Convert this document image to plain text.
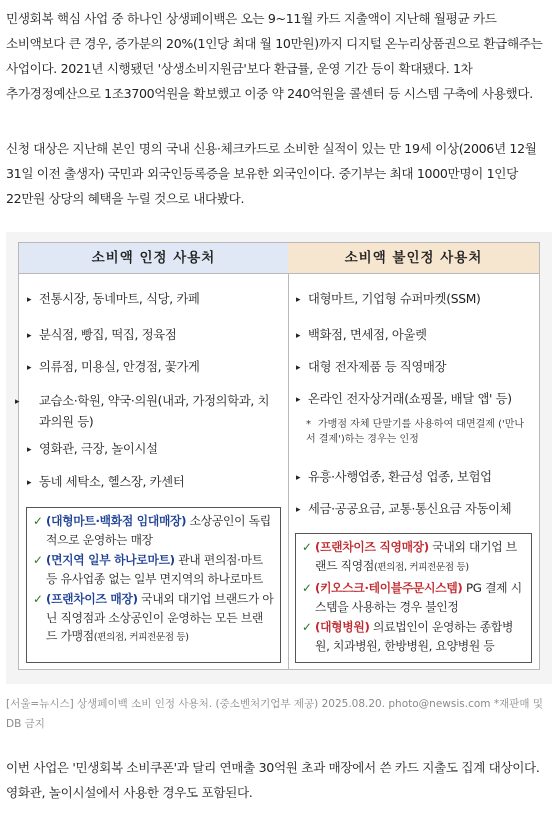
민생회복 핵심 사업 중 하나인 상생페이백은 오는 9~11월 카드 지출액이 지난해 월평균 카드 소비액보다 큰 경우, 증가분의 20%(1인당 최대 월 10만원)까지 디지털 온누리상품권으로 환급해주는 사업이다. 2021년 시행됐던 '상생소비지원금'보다 환급률, 운영 기간 등이 확대됐다. 1차 추가경정예산으로 1조3700억원을 확보했고 이중 약 240억원을 콜센터 등 시스템 구축에 사용했다.

신청 대상은 지난해 본인 명의 국내 신용·체크카드로 소비한 실적이 있는 만 19세 이상(2006년 12월 31일 이전 출생자) 국민과 외국인등록증을 보유한 외국인이다. 중기부는 최대 1000만명이 1인당 22만원 상당의 혜택을 누릴 것으로 내다봤다.

소비액 인정 사용처
▸ 전통시장, 동네마트, 식당, 카페
▸ 분식점, 빵집, 떡집, 정육점
▸ 의류점, 미용실, 안경점, 꽃가게
▸ 교습소·학원, 약국·의원(내과, 가정의학과, 치과의원 등)
▸ 영화관, 극장, 놀이시설
▸ 동네 세탁소, 헬스장, 카센터
✓ (대형마트·백화점 임대매장) 소상공인이 독립적으로 운영하는 매장
✓ (면지역 일부 하나로마트) 관내 편의점·마트 등 유사업종 없는 일부 면지역의 하나로마트
✓ (프랜차이즈 매장) 국내외 대기업 브랜드가 아닌 직영점과 소상공인이 운영하는 모든 브랜드 가맹점(편의점, 커피전문점 등)
소비액 불인정 사용처
▸ 대형마트, 기업형 슈퍼마켓(SSM)
▸ 백화점, 면세점, 아울렛
▸ 대형 전자제품 등 직영매장
▸ 온라인 전자상거래(쇼핑몰, 배달 앱' 등)
* 가맹점 자체 단말기를 사용하여 대면결제 ('만나서 결제')하는 경우는 인정
▸ 유흥·사행업종, 환금성 업종, 보험업
▸ 세금·공공요금, 교통·통신요금 자동이체
✓ (프랜차이즈 직영매장) 국내외 대기업 브랜드 직영점(편의점, 커피전문점 등)
✓ (키오스크·테이블주문시스템) PG 결제 시스템을 사용하는 경우 불인정
✓ (대형병원) 의료법인이 운영하는 종합병원, 치과병원, 한방병원, 요양병원 등

[서울=뉴시스] 상생페이백 소비 인정 사용처. (중소벤처기업부 제공) 2025.08.20. photo@newsis.com *재판매 및 DB 금지

이번 사업은 '민생회복 소비쿠폰'과 달리 연매출 30억원 초과 매장에서 쓴 카드 지출도 집계 대상이다. 영화관, 놀이시설에서 사용한 경우도 포함된다.
